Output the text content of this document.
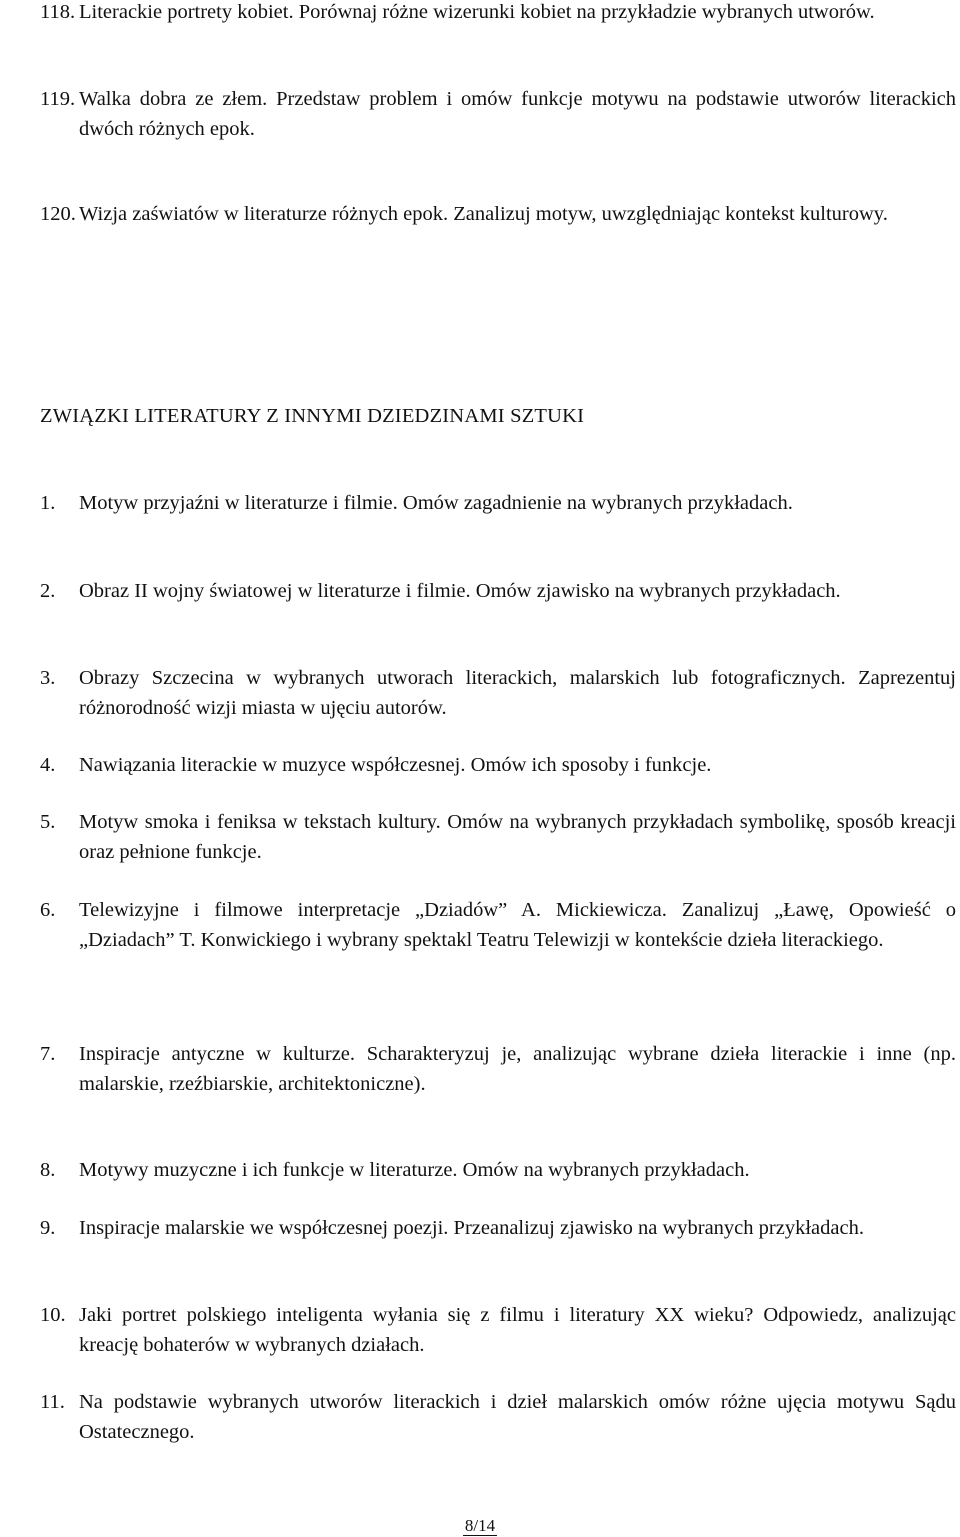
118. Literackie portrety kobiet. Porównaj różne wizerunki kobiet na przykładzie wybranych utworów.
119. Walka dobra ze złem. Przedstaw problem i omów funkcje motywu na podstawie utworów literackich dwóch różnych epok.
120. Wizja zaświatów w literaturze różnych epok. Zanalizuj motyw, uwzględniając kontekst kulturowy.
ZWIĄZKI LITERATURY Z INNYMI DZIEDZINAMI SZTUKI
1.	Motyw przyjaźni w literaturze i filmie. Omów zagadnienie na wybranych przykładach.
2.	Obraz II wojny światowej w literaturze i filmie. Omów zjawisko na wybranych przykładach.
3.	Obrazy Szczecina w wybranych utworach literackich, malarskich lub fotograficznych. Zaprezentuj różnorodność wizji miasta w ujęciu autorów.
4.	Nawiązania literackie w muzyce współczesnej. Omów ich sposoby i funkcje.
5.	Motyw smoka i feniksa w tekstach kultury. Omów na wybranych przykładach symbolikę, sposób kreacji oraz pełnione funkcje.
6.	Telewizyjne i filmowe interpretacje „Dziadów” A. Mickiewicza. Zanalizuj „Ławę, Opowieść o „Dziadach” T. Konwickiego i wybrany spektakl Teatru Telewizji w kontekście dzieła literackiego.
7.	Inspiracje antyczne w kulturze. Scharakteryzuj je, analizując wybrane dzieła literackie i inne (np. malarskie, rzeźbiarskie, architektoniczne).
8.	Motywy muzyczne i ich funkcje w literaturze. Omów na wybranych przykładach.
9.	Inspiracje malarskie we współczesnej poezji. Przeanalizuj zjawisko na wybranych przykładach.
10. Jaki portret polskiego inteligenta wyłania się z filmu i literatury XX wieku? Odpowiedz, analizując kreację bohaterów w wybranych działach.
11. Na podstawie wybranych utworów literackich i dzieł malarskich omów różne ujęcia motywu Sądu Ostatecznego.
8/14
